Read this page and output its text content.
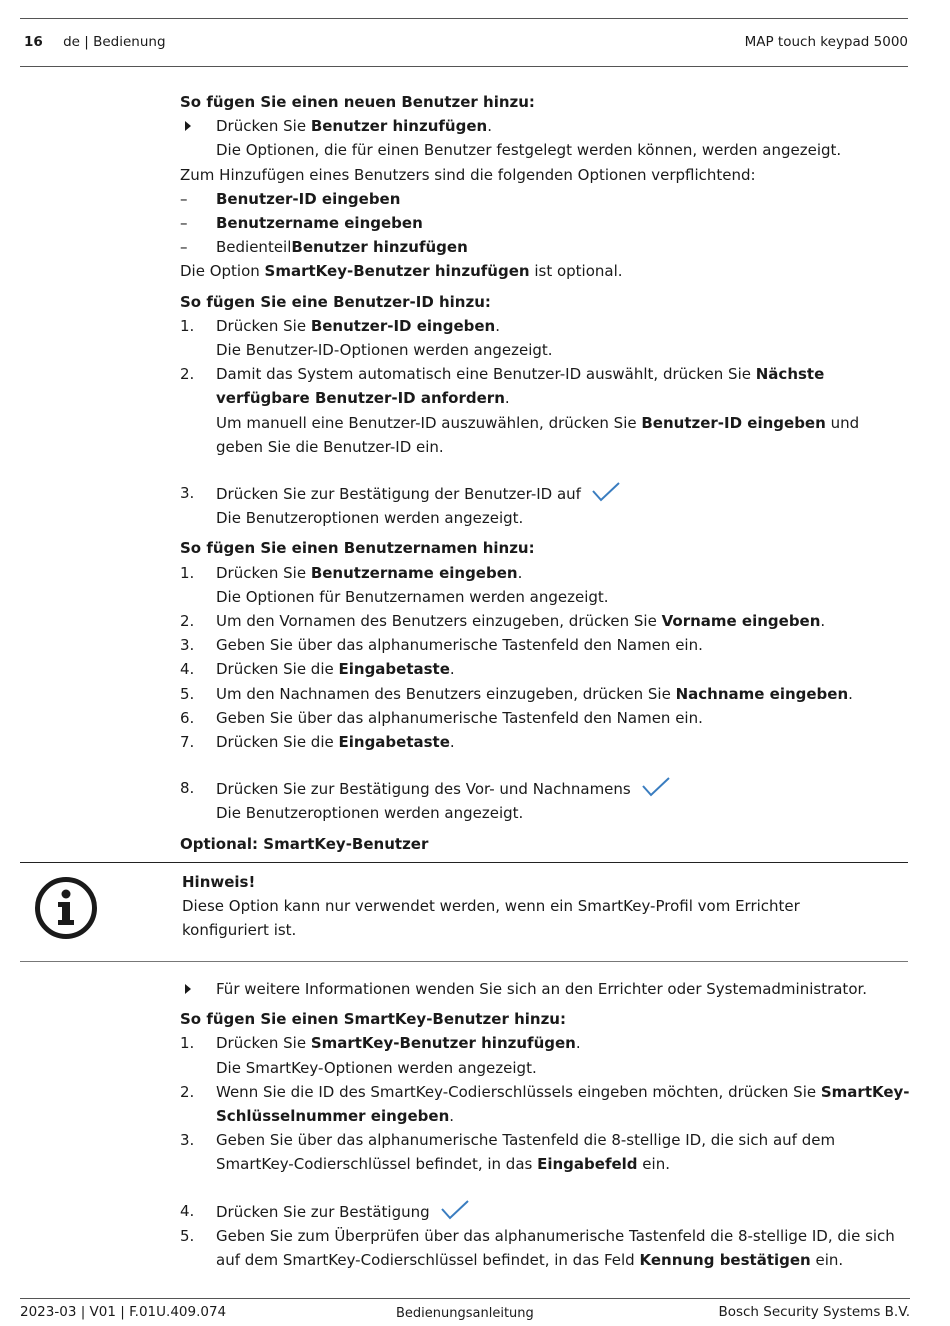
16 de | Bedienung	MAP touch keypad 5000

So fügen Sie einen neuen Benutzer hinzu:

Drücken Sie Benutzer hinzufügen.
Die Optionen, die für einen Benutzer festgelegt werden können, werden angezeigt.

Zum Hinzufügen eines Benutzers sind die folgenden Optionen verpflichtend:

–	Benutzer-ID eingeben
–	Benutzername eingeben
–	BedienteilBenutzer hinzufügen

Die Option SmartKey-Benutzer hinzufügen ist optional.

So fügen Sie eine Benutzer-ID hinzu:

1.	Drücken Sie Benutzer-ID eingeben.
Die Benutzer-ID-Optionen werden angezeigt.
2.	Damit das System automatisch eine Benutzer-ID auswählt, drücken Sie Nächste verfügbare Benutzer-ID anfordern.
Um manuell eine Benutzer-ID auszuwählen, drücken Sie Benutzer-ID eingeben und geben Sie die Benutzer-ID ein.
3.	Drücken Sie zur Bestätigung der Benutzer-ID auf
Die Benutzeroptionen werden angezeigt.

So fügen Sie einen Benutzernamen hinzu:

1.	Drücken Sie Benutzername eingeben.
Die Optionen für Benutzernamen werden angezeigt.
2.	Um den Vornamen des Benutzers einzugeben, drücken Sie Vorname eingeben.
3.	Geben Sie über das alphanumerische Tastenfeld den Namen ein.
4.	Drücken Sie die Eingabetaste.
5.	Um den Nachnamen des Benutzers einzugeben, drücken Sie Nachname eingeben.
6.	Geben Sie über das alphanumerische Tastenfeld den Namen ein.
7.	Drücken Sie die Eingabetaste.
8.	Drücken Sie zur Bestätigung des Vor- und Nachnamens
Die Benutzeroptionen werden angezeigt.

Optional: SmartKey-Benutzer

Hinweis!
Diese Option kann nur verwendet werden, wenn ein SmartKey-Profil vom Errichter konfiguriert ist.
Für weitere Informationen wenden Sie sich an den Errichter oder Systemadministrator.

So fügen Sie einen SmartKey-Benutzer hinzu:

1.	Drücken Sie SmartKey-Benutzer hinzufügen.
Die SmartKey-Optionen werden angezeigt.
2.	Wenn Sie die ID des SmartKey-Codierschlüssels eingeben möchten, drücken Sie SmartKey-Schlüsselnummer eingeben.
3.	Geben Sie über das alphanumerische Tastenfeld die 8-stellige ID, die sich auf dem SmartKey-Codierschlüssel befindet, in das Eingabefeld ein.
4.	Drücken Sie zur Bestätigung
5.	Geben Sie zum Überprüfen über das alphanumerische Tastenfeld die 8-stellige ID, die sich auf dem SmartKey-Codierschlüssel befindet, in das Feld Kennung bestätigen ein.
2023-03 | V01 | F.01U.409.074	Bedienungsanleitung	Bosch Security Systems B.V.
